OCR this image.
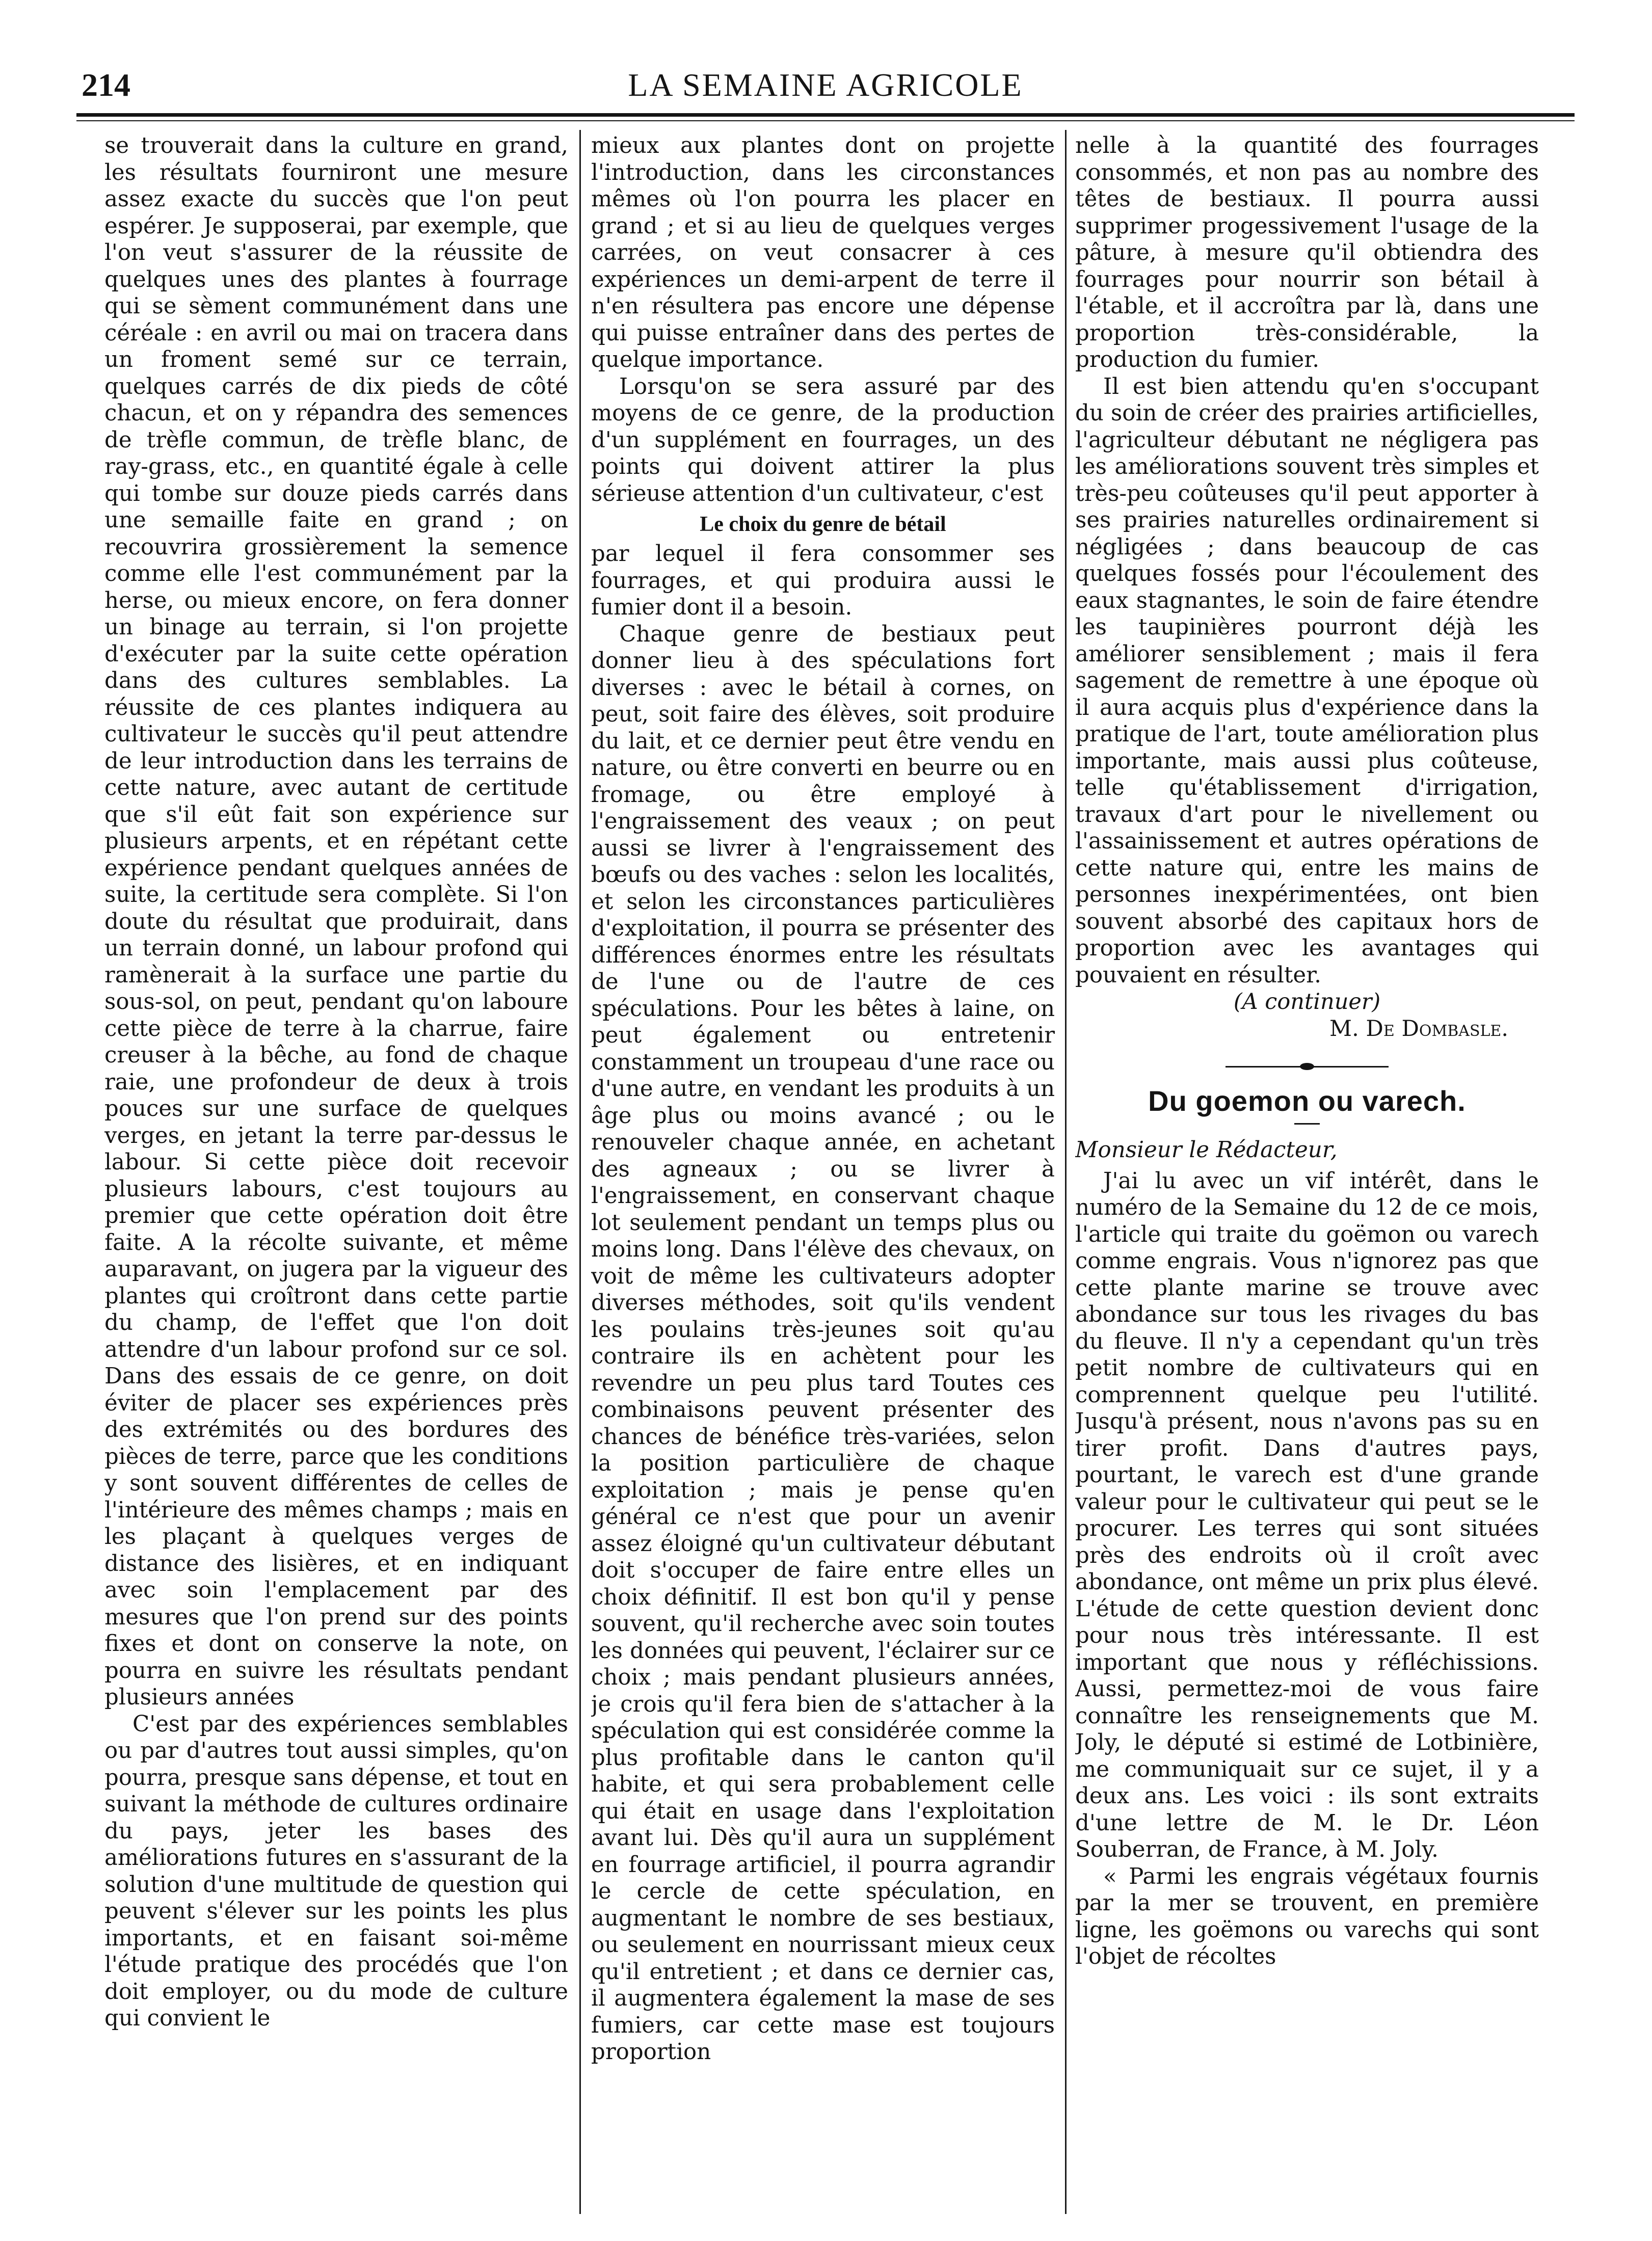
214	LA SEMAINE AGRICOLE

se trouverait dans la culture en grand, les résultats fourniront une mesure assez exacte du succès que l'on peut espérer. Je supposerai, par exemple, que l'on veut s'assurer de la réussite de quelques unes des plantes à fourrage qui se sèment communément dans une céréale : en avril ou mai on tracera dans un froment semé sur ce terrain, quelques carrés de dix pieds de côté chacun, et on y répandra des semences de trèfle commun, de trèfle blanc, de ray-grass, etc., en quantité égale à celle qui tombe sur douze pieds carrés dans une semaille faite en grand ; on recouvrira grossièrement la semence comme elle l'est communément par la herse, ou mieux encore, on fera donner un binage au terrain, si l'on projette d'exécuter par la suite cette opération dans des cultures semblables. La réussite de ces plantes indiquera au cultivateur le succès qu'il peut attendre de leur introduction dans les terrains de cette nature, avec autant de certitude que s'il eût fait son expérience sur plusieurs arpents, et en répétant cette expérience pendant quelques années de suite, la certitude sera complète. Si l'on doute du résultat que produirait, dans un terrain donné, un labour profond qui ramènerait à la surface une partie du sous-sol, on peut, pendant qu'on laboure cette pièce de terre à la charrue, faire creuser à la bêche, au fond de chaque raie, une profondeur de deux à trois pouces sur une surface de quelques verges, en jetant la terre par-dessus le labour. Si cette pièce doit recevoir plusieurs labours, c'est toujours au premier que cette opération doit être faite. A la récolte suivante, et même auparavant, on jugera par la vigueur des plantes qui croîtront dans cette partie du champ, de l'effet que l'on doit attendre d'un labour profond sur ce sol. Dans des essais de ce genre, on doit éviter de placer ses expériences près des extrémités ou des bordures des pièces de terre, parce que les conditions y sont souvent différentes de celles de l'intérieure des mêmes champs ; mais en les plaçant à quelques verges de distance des lisières, et en indiquant avec soin l'emplacement par des mesures que l'on prend sur des points fixes et dont on conserve la note, on pourra en suivre les résultats pendant plusieurs années

C'est par des expériences semblables ou par d'autres tout aussi simples, qu'on pourra, presque sans dépense, et tout en suivant la méthode de cultures ordinaire du pays, jeter les bases des améliorations futures en s'assurant de la solution d'une multitude de question qui peuvent s'élever sur les points les plus importants, et en faisant soi-même l'étude pratique des procédés que l'on doit employer, ou du mode de culture qui convient le

mieux aux plantes dont on projette l'introduction, dans les circonstances mêmes où l'on pourra les placer en grand ; et si au lieu de quelques verges carrées, on veut consacrer à ces expériences un demi-arpent de terre il n'en résultera pas encore une dépense qui puisse entraîner dans des pertes de quelque importance.

Lorsqu'on se sera assuré par des moyens de ce genre, de la production d'un supplément en fourrages, un des points qui doivent attirer la plus sérieuse attention d'un cultivateur, c'est

Le choix du genre de bétail

par lequel il fera consommer ses fourrages, et qui produira aussi le fumier dont il a besoin.

Chaque genre de bestiaux peut donner lieu à des spéculations fort diverses : avec le bétail à cornes, on peut, soit faire des élèves, soit produire du lait, et ce dernier peut être vendu en nature, ou être converti en beurre ou en fromage, ou être employé à l'engraissement des veaux ; on peut aussi se livrer à l'engraissement des bœufs ou des vaches : selon les localités, et selon les circonstances particulières d'exploitation, il pourra se présenter des différences énormes entre les résultats de l'une ou de l'autre de ces spéculations. Pour les bêtes à laine, on peut également ou entretenir constamment un troupeau d'une race ou d'une autre, en vendant les produits à un âge plus ou moins avancé ; ou le renouveler chaque année, en achetant des agneaux ; ou se livrer à l'engraissement, en conservant chaque lot seulement pendant un temps plus ou moins long. Dans l'élève des chevaux, on voit de même les cultivateurs adopter diverses méthodes, soit qu'ils vendent les poulains très-jeunes soit qu'au contraire ils en achètent pour les revendre un peu plus tard Toutes ces combinaisons peuvent présenter des chances de bénéfice très-variées, selon la position particulière de chaque exploitation ; mais je pense qu'en général ce n'est que pour un avenir assez éloigné qu'un cultivateur débutant doit s'occuper de faire entre elles un choix définitif. Il est bon qu'il y pense souvent, qu'il recherche avec soin toutes les données qui peuvent, l'éclairer sur ce choix ; mais pendant plusieurs années, je crois qu'il fera bien de s'attacher à la spéculation qui est considérée comme la plus profitable dans le canton qu'il habite, et qui sera probablement celle qui était en usage dans l'exploitation avant lui. Dès qu'il aura un supplément en fourrage artificiel, il pourra agrandir le cercle de cette spéculation, en augmentant le nombre de ses bestiaux, ou seulement en nourrissant mieux ceux qu'il entretient ; et dans ce dernier cas, il augmentera également la mase de ses fumiers, car cette mase est toujours proportion

nelle à la quantité des fourrages consommés, et non pas au nombre des têtes de bestiaux. Il pourra aussi supprimer progessivement l'usage de la pâture, à mesure qu'il obtiendra des fourrages pour nourrir son bétail à l'étable, et il accroîtra par là, dans une proportion très-considérable, la production du fumier.

Il est bien attendu qu'en s'occupant du soin de créer des prairies artificielles, l'agriculteur débutant ne négligera pas les améliorations souvent très simples et très-peu coûteuses qu'il peut apporter à ses prairies naturelles ordinairement si négligées ; dans beaucoup de cas quelques fossés pour l'écoulement des eaux stagnantes, le soin de faire étendre les taupinières pourront déjà les améliorer sensiblement ; mais il fera sagement de remettre à une époque où il aura acquis plus d'expérience dans la pratique de l'art, toute amélioration plus importante, mais aussi plus coûteuse, telle qu'établissement d'irrigation, travaux d'art pour le nivellement ou l'assainissement et autres opérations de cette nature qui, entre les mains de personnes inexpérimentées, ont bien souvent absorbé des capitaux hors de proportion avec les avantages qui pouvaient en résulter.

(A continuer)
M. De Dombasle.
Du goemon ou varech.
Monsieur le Rédacteur,

J'ai lu avec un vif intérêt, dans le numéro de la Semaine du 12 de ce mois, l'article qui traite du goëmon ou varech comme engrais. Vous n'ignorez pas que cette plante marine se trouve avec abondance sur tous les rivages du bas du fleuve. Il n'y a cependant qu'un très petit nombre de cultivateurs qui en comprennent quelque peu l'utilité. Jusqu'à présent, nous n'avons pas su en tirer profit. Dans d'autres pays, pourtant, le varech est d'une grande valeur pour le cultivateur qui peut se le procurer. Les terres qui sont situées près des endroits où il croît avec abondance, ont même un prix plus élevé. L'étude de cette question devient donc pour nous très intéressante. Il est important que nous y réfléchissions. Aussi, permettez-moi de vous faire connaître les renseignements que M. Joly, le député si estimé de Lotbinière, me communiquait sur ce sujet, il y a deux ans. Les voici : ils sont extraits d'une lettre de M. le Dr. Léon Souberran, de France, à M. Joly.

« Parmi les engrais végétaux fournis par la mer se trouvent, en première ligne, les goëmons ou varechs qui sont l'objet de récoltes
